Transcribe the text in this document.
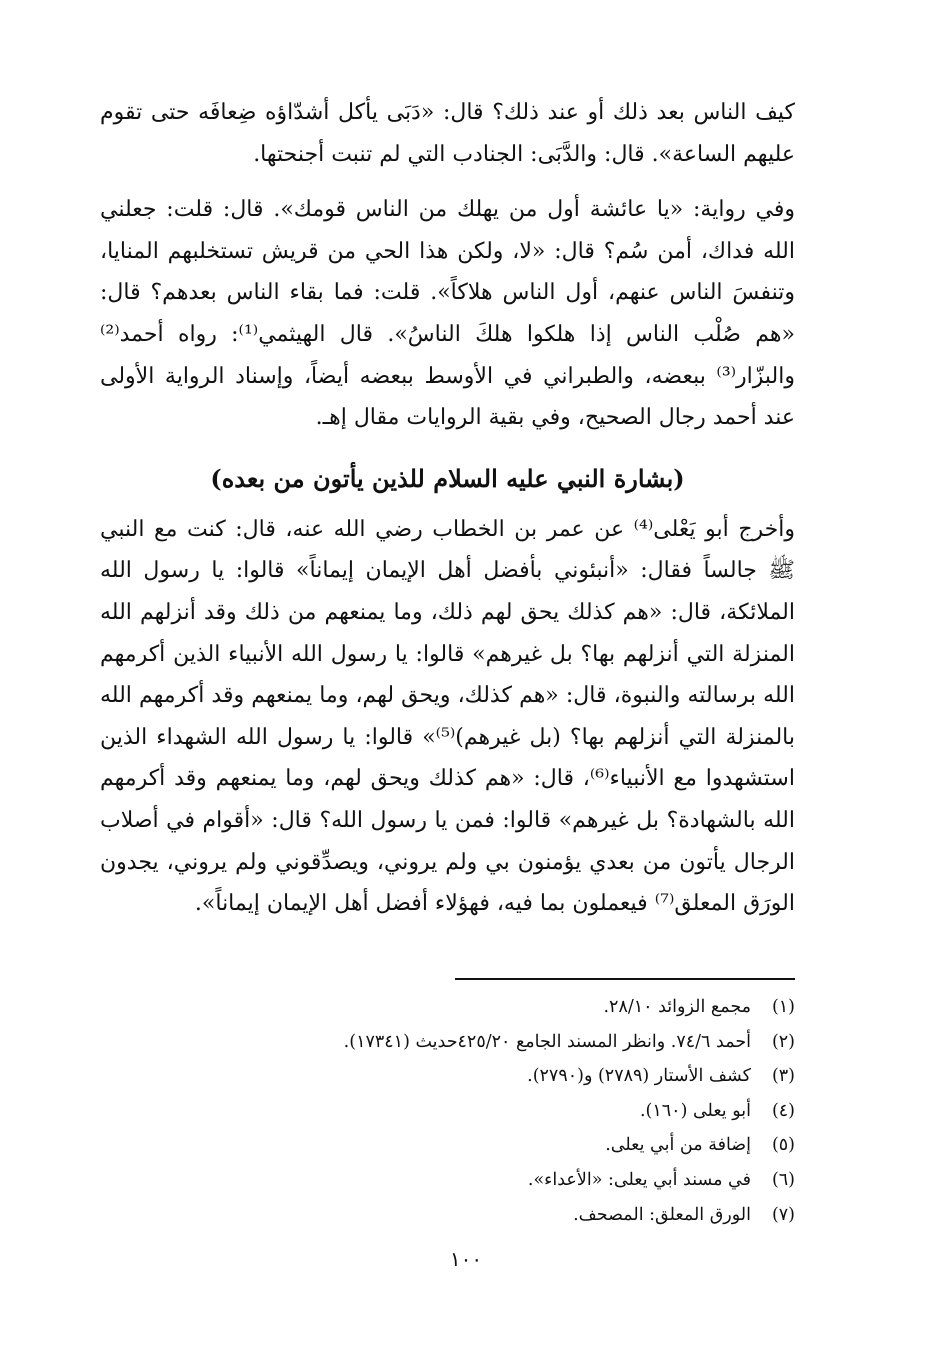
كيف الناس بعد ذلك أو عند ذلك؟ قال: «دَبَى يأكل أشدّاؤه ضِعافَه حتى تقوم عليهم الساعة». قال: والدَّبَى: الجنادب التي لم تنبت أجنحتها.

وفي رواية: «يا عائشة أول من يهلك من الناس قومك». قال: قلت: جعلني الله فداك، أمن سُم؟ قال: «لا، ولكن هذا الحي من قريش تستخلبهم المنايا، وتنفسَ الناس عنهم، أول الناس هلاكاً». قلت: فما بقاء الناس بعدهم؟ قال: «هم صُلْب الناس إذا هلكوا هلكَ الناسُ». قال الهيثمي⁽¹⁾: رواه أحمد⁽²⁾ والبزّار⁽³⁾ ببعضه، والطبراني في الأوسط ببعضه أيضاً، وإسناد الرواية الأولى عند أحمد رجال الصحيح، وفي بقية الروايات مقال إهـ.

(بشارة النبي عليه السلام للذين يأتون من بعده)

وأخرج أبو يَعْلى⁽⁴⁾ عن عمر بن الخطاب رضي الله عنه، قال: كنت مع النبي ﷺ جالساً فقال: «أنبئوني بأفضل أهل الإيمان إيماناً» قالوا: يا رسول الله الملائكة، قال: «هم كذلك يحق لهم ذلك، وما يمنعهم من ذلك وقد أنزلهم الله المنزلة التي أنزلهم بها؟ بل غيرهم» قالوا: يا رسول الله الأنبياء الذين أكرمهم الله برسالته والنبوة، قال: «هم كذلك، ويحق لهم، وما يمنعهم وقد أكرمهم الله بالمنزلة التي أنزلهم بها؟ (بل غيرهم)⁽⁵⁾» قالوا: يا رسول الله الشهداء الذين استشهدوا مع الأنبياء⁽⁶⁾، قال: «هم كذلك ويحق لهم، وما يمنعهم وقد أكرمهم الله بالشهادة؟ بل غيرهم» قالوا: فمن يا رسول الله؟ قال: «أقوام في أصلاب الرجال يأتون من بعدي يؤمنون بي ولم يروني، ويصدِّقوني ولم يروني، يجدون الورَق المعلق⁽⁷⁾ فيعملون بما فيه، فهؤلاء أفضل أهل الإيمان إيماناً».

(١)
مجمع الزوائد ٢٨/١٠.
(٢)
أحمد ٧٤/٦. وانظر المسند الجامع ٤٢٥/٢٠حديث (١٧٣٤١).
(٣)
كشف الأستار (٢٧٨٩) و(٢٧٩٠).
(٤)
أبو يعلى (١٦٠).
(٥)
إضافة من أبي يعلى.
(٦)
في مسند أبي يعلى: «الأعداء».
(٧)
الورق المعلق: المصحف.
١٠٠
